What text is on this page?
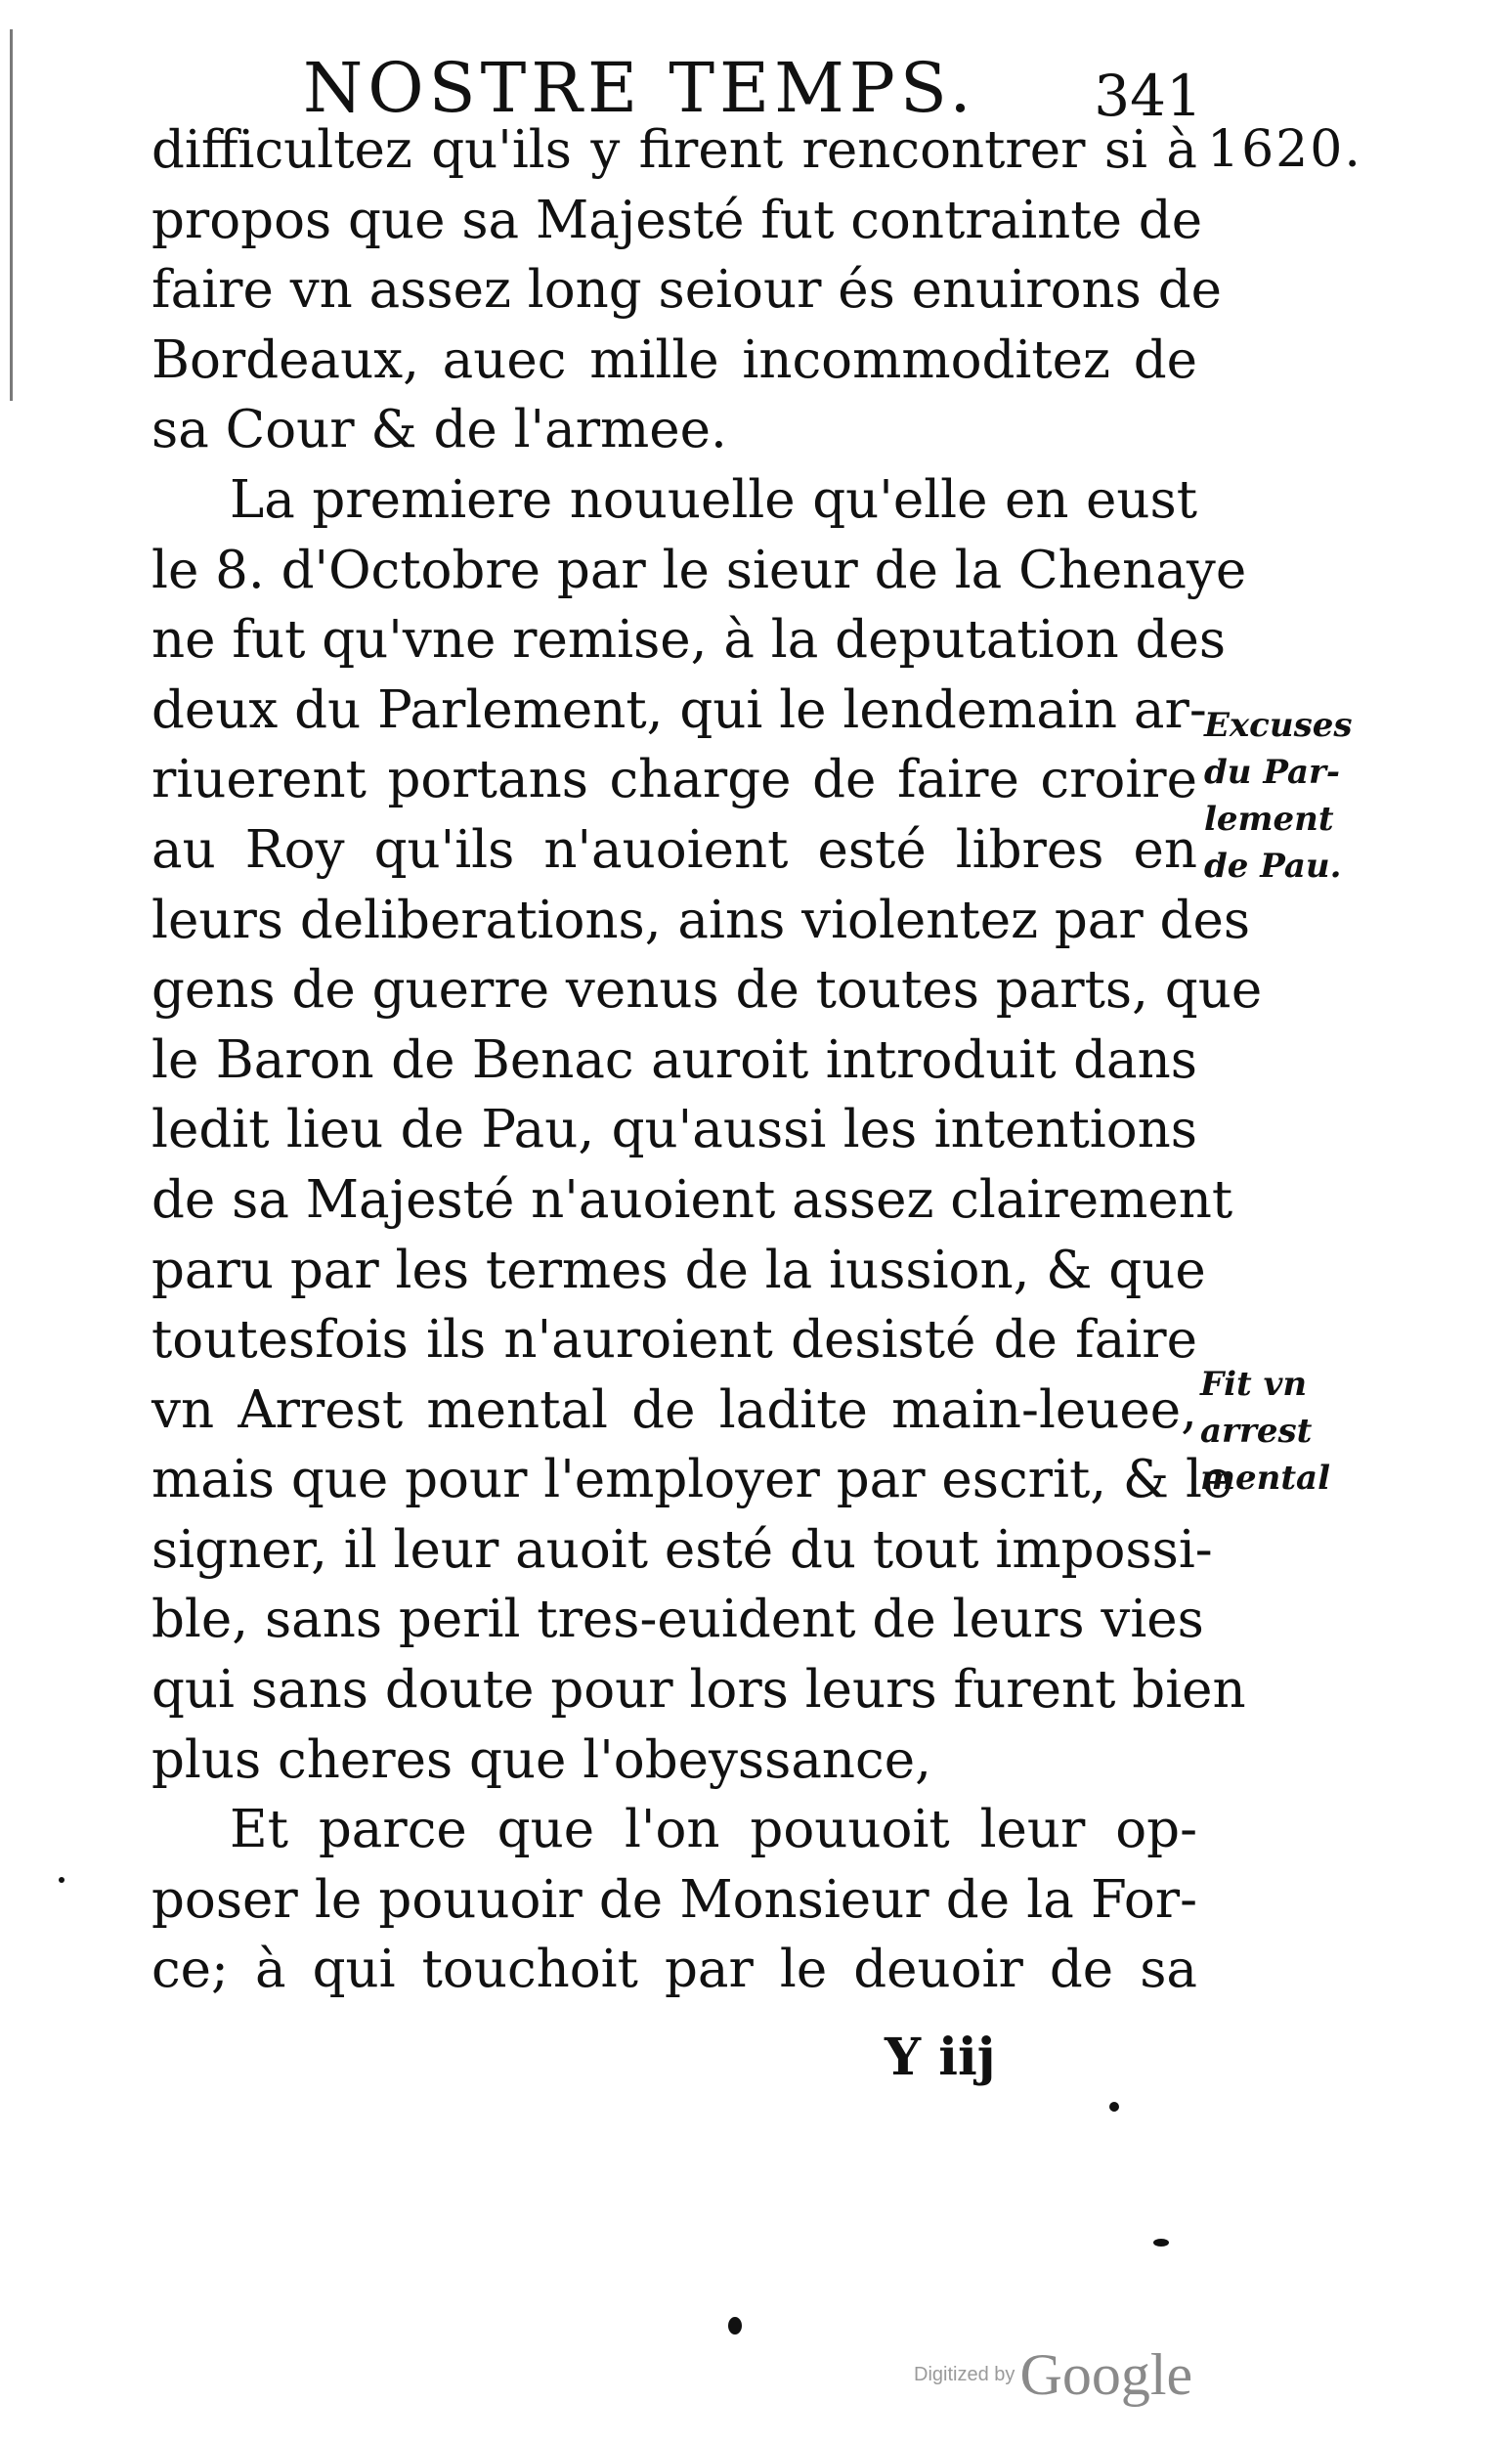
NOSTRE TEMPS. 341
1620.
difficultez qu'ils y firent rencontrer si à
propos que sa Majesté fut contrainte de
faire vn assez long seiour és enuirons de
Bordeaux, auec mille incommoditez de
sa Cour & de l'armee.
La premiere nouuelle qu'elle en eust
le 8. d'Octobre par le sieur de la Chenaye
ne fut qu'vne remise, à la deputation des
deux du Parlement, qui le lendemain ar-
riuerent portans charge de faire croire
au Roy qu'ils n'auoient esté libres en
leurs deliberations, ains violentez par des
gens de guerre venus de toutes parts, que
le Baron de Benac auroit introduit dans
ledit lieu de Pau, qu'aussi les intentions
de sa Majesté n'auoient assez clairement
paru par les termes de la iussion, & que
toutesfois ils n'auroient desisté de faire
vn Arrest mental de ladite main-leuee,
mais que pour l'employer par escrit, & le
signer, il leur auoit esté du tout impossi-
ble, sans peril tres-euident de leurs vies
qui sans doute pour lors leurs furent bien
plus cheres que l'obeyssance,
Et parce que l'on pouuoit leur op-
poser le pouuoir de Monsieur de la For-
ce; à qui touchoit par le deuoir de sa
Excuses
du Par-
lement
de Pau.
Fit vn
arrest
mental
Y iij
Digitized by Google
